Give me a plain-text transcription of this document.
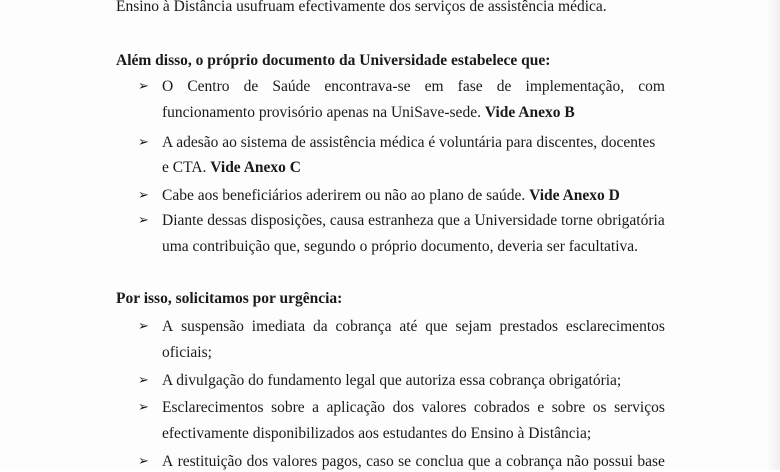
Ensino à Distância usufruam efectivamente dos serviços de assistência médica.
Além disso, o próprio documento da Universidade estabelece que:
➢ O Centro de Saúde encontrava-se em fase de implementação, com
funcionamento provisório apenas na UniSave-sede. Vide Anexo B
➢ A adesão ao sistema de assistência médica é voluntária para discentes, docentes
e CTA. Vide Anexo C
➢ Cabe aos beneficiários aderirem ou não ao plano de saúde. Vide Anexo D
➢ Diante dessas disposições, causa estranheza que a Universidade torne obrigatória
uma contribuição que, segundo o próprio documento, deveria ser facultativa.
Por isso, solicitamos por urgência:
➢ A suspensão imediata da cobrança até que sejam prestados esclarecimentos
oficiais;
➢ A divulgação do fundamento legal que autoriza essa cobrança obrigatória;
➢ Esclarecimentos sobre a aplicação dos valores cobrados e sobre os serviços
efectivamente disponibilizados aos estudantes do Ensino à Distância;
➢ A restituição dos valores pagos, caso se conclua que a cobrança não possui base
